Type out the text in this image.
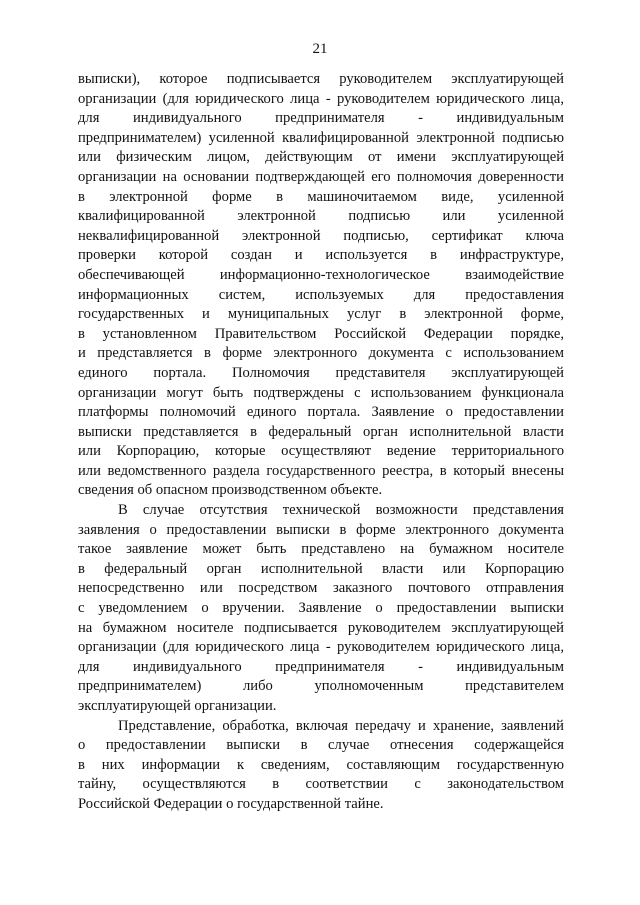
21
выписки), которое подписывается руководителем эксплуатирующей
организации (для юридического лица - руководителем юридического лица,
для индивидуального предпринимателя - индивидуальным
предпринимателем) усиленной квалифицированной электронной подписью
или физическим лицом, действующим от имени эксплуатирующей
организации на основании подтверждающей его полномочия доверенности
в электронной форме в машиночитаемом виде, усиленной
квалифицированной электронной подписью или усиленной
неквалифицированной электронной подписью, сертификат ключа
проверки которой создан и используется в инфраструктуре,
обеспечивающей информационно-технологическое взаимодействие
информационных систем, используемых для предоставления
государственных и муниципальных услуг в электронной форме,
в установленном Правительством Российской Федерации порядке,
и представляется в форме электронного документа с использованием
единого портала. Полномочия представителя эксплуатирующей
организации могут быть подтверждены с использованием функционала
платформы полномочий единого портала. Заявление о предоставлении
выписки представляется в федеральный орган исполнительной власти
или Корпорацию, которые осуществляют ведение территориального
или ведомственного раздела государственного реестра, в который внесены
сведения об опасном производственном объекте.
В случае отсутствия технической возможности представления
заявления о предоставлении выписки в форме электронного документа
такое заявление может быть представлено на бумажном носителе
в федеральный орган исполнительной власти или Корпорацию
непосредственно или посредством заказного почтового отправления
с уведомлением о вручении. Заявление о предоставлении выписки
на бумажном носителе подписывается руководителем эксплуатирующей
организации (для юридического лица - руководителем юридического лица,
для индивидуального предпринимателя - индивидуальным
предпринимателем) либо уполномоченным представителем
эксплуатирующей организации.
Представление, обработка, включая передачу и хранение, заявлений
о предоставлении выписки в случае отнесения содержащейся
в них информации к сведениям, составляющим государственную
тайну, осуществляются в соответствии с законодательством
Российской Федерации о государственной тайне.
